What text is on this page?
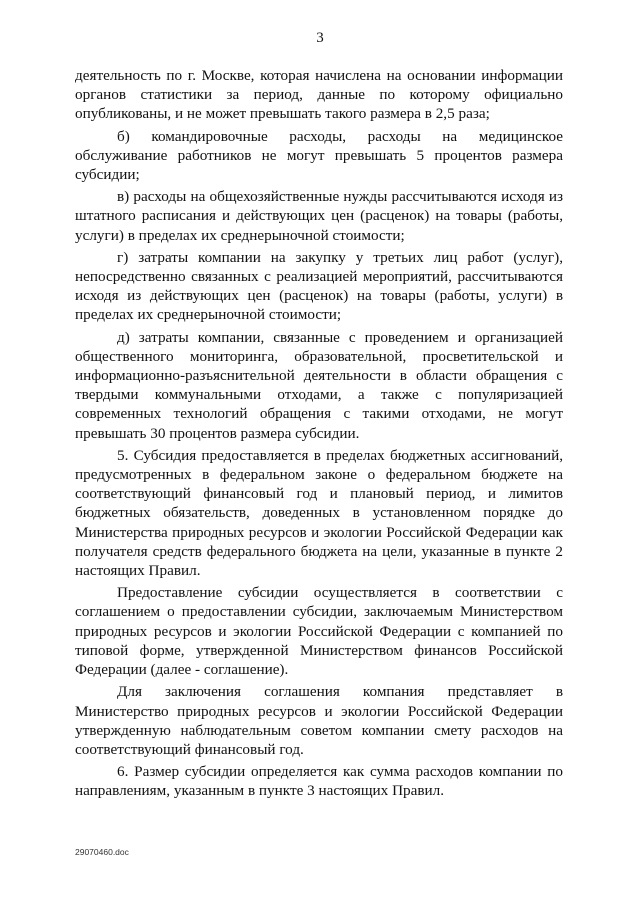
3

деятельность по г. Москве, которая начислена на основании информации органов статистики за период, данные по которому официально опубликованы, и не может превышать такого размера в 2,5 раза;

б) командировочные расходы, расходы на медицинское обслуживание работников не могут превышать 5 процентов размера субсидии;

в) расходы на общехозяйственные нужды рассчитываются исходя из штатного расписания и действующих цен (расценок) на товары (работы, услуги) в пределах их среднерыночной стоимости;

г) затраты компании на закупку у третьих лиц работ (услуг), непосредственно связанных с реализацией мероприятий, рассчитываются исходя из действующих цен (расценок) на товары (работы, услуги) в пределах их среднерыночной стоимости;

д) затраты компании, связанные с проведением и организацией общественного мониторинга, образовательной, просветительской и информационно-разъяснительной деятельности в области обращения с твердыми коммунальными отходами, а также с популяризацией современных технологий обращения с такими отходами, не могут превышать 30 процентов размера субсидии.

5. Субсидия предоставляется в пределах бюджетных ассигнований, предусмотренных в федеральном законе о федеральном бюджете на соответствующий финансовый год и плановый период, и лимитов бюджетных обязательств, доведенных в установленном порядке до Министерства природных ресурсов и экологии Российской Федерации как получателя средств федерального бюджета на цели, указанные в пункте 2 настоящих Правил.

Предоставление субсидии осуществляется в соответствии с соглашением о предоставлении субсидии, заключаемым Министерством природных ресурсов и экологии Российской Федерации с компанией по типовой форме, утвержденной Министерством финансов Российской Федерации (далее - соглашение).

Для заключения соглашения компания представляет в Министерство природных ресурсов и экологии Российской Федерации утвержденную наблюдательным советом компании смету расходов на соответствующий финансовый год.

6. Размер субсидии определяется как сумма расходов компании по направлениям, указанным в пункте 3 настоящих Правил.

29070460.doc
